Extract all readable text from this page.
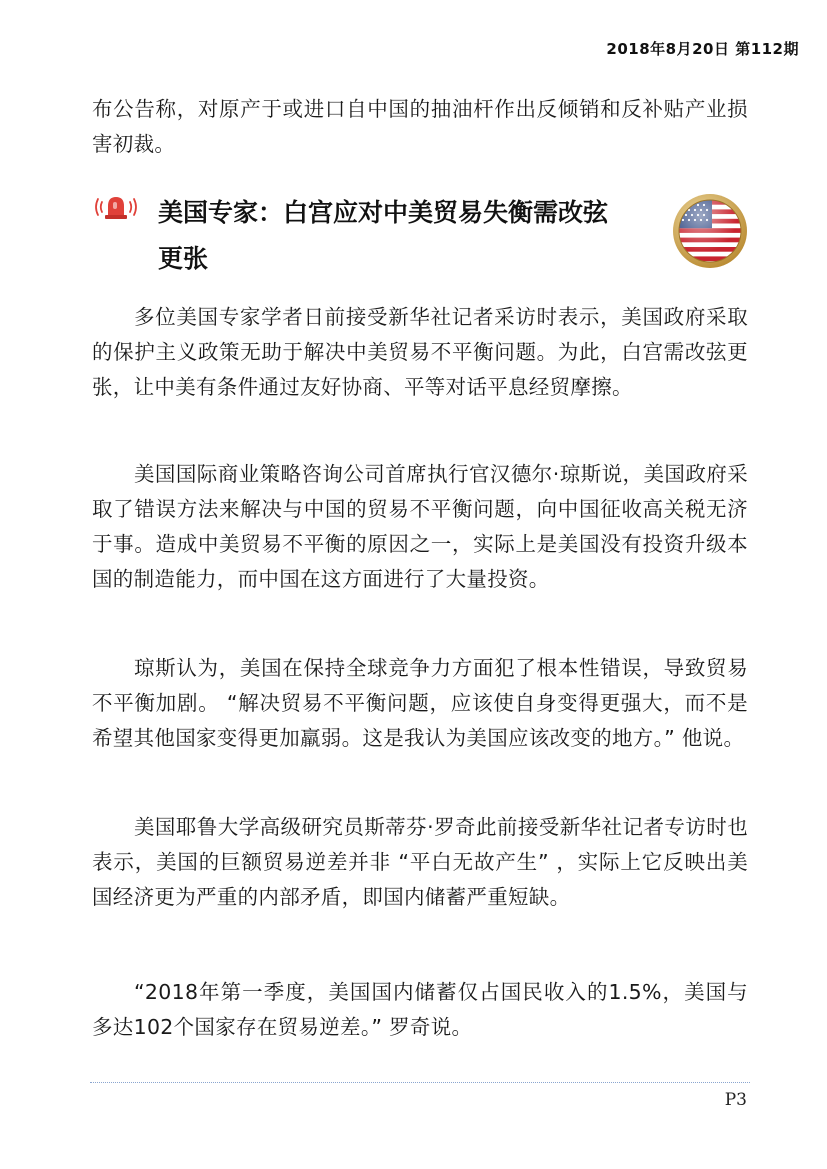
2018年8月20日 第112期

布公告称，对原产于或进口自中国的抽油杆作出反倾销和反补贴产业损害初裁。

美国专家：白宫应对中美贸易失衡需改弦更张

多位美国专家学者日前接受新华社记者采访时表示，美国政府采取的保护主义政策无助于解决中美贸易不平衡问题。为此，白宫需改弦更张，让中美有条件通过友好协商、平等对话平息经贸摩擦。

美国国际商业策略咨询公司首席执行官汉德尔·琼斯说，美国政府采取了错误方法来解决与中国的贸易不平衡问题，向中国征收高关税无济于事。造成中美贸易不平衡的原因之一，实际上是美国没有投资升级本国的制造能力，而中国在这方面进行了大量投资。

琼斯认为，美国在保持全球竞争力方面犯了根本性错误，导致贸易不平衡加剧。 “解决贸易不平衡问题，应该使自身变得更强大，而不是希望其他国家变得更加羸弱。这是我认为美国应该改变的地方。” 他说。

美国耶鲁大学高级研究员斯蒂芬·罗奇此前接受新华社记者专访时也表示，美国的巨额贸易逆差并非 “平白无故产生” ，实际上它反映出美国经济更为严重的内部矛盾，即国内储蓄严重短缺。

“2018年第一季度，美国国内储蓄仅占国民收入的1.5%，美国与多达102个国家存在贸易逆差。” 罗奇说。

P3
